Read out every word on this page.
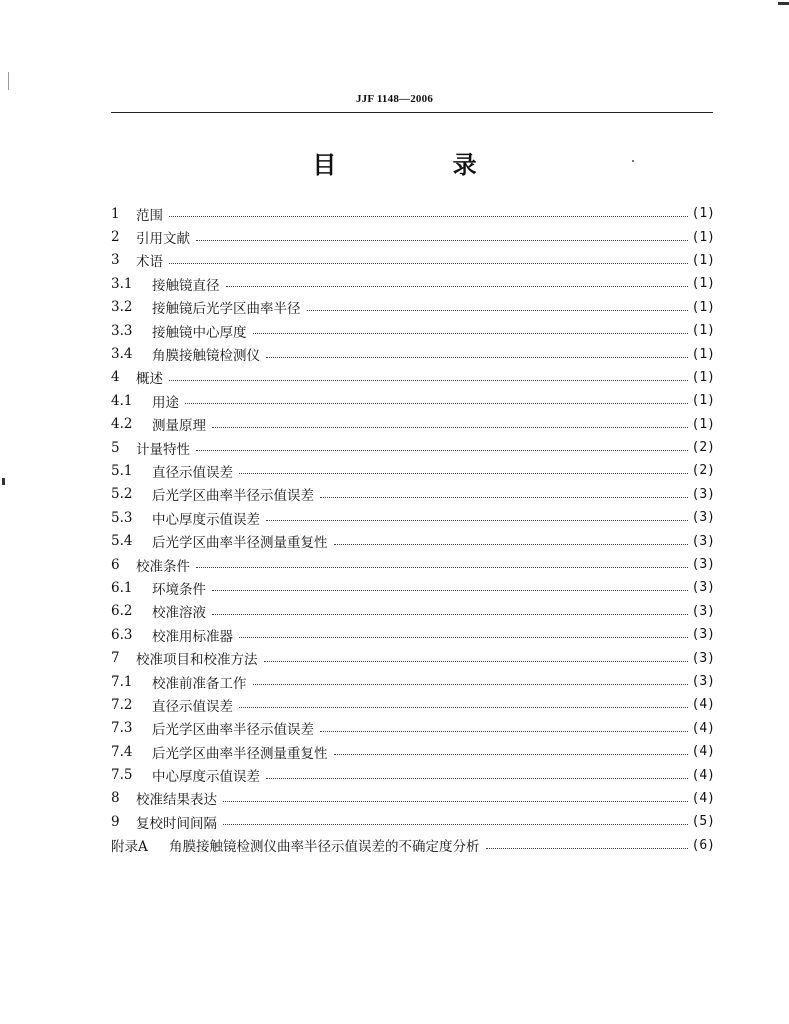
JJF 1148—2006
目 录
1	范围	(1)
2	引用文献	(1)
3	术语	(1)
3.1	接触镜直径	(1)
3.2	接触镜后光学区曲率半径	(1)
3.3	接触镜中心厚度	(1)
3.4	角膜接触镜检测仪	(1)
4	概述	(1)
4.1	用途	(1)
4.2	测量原理	(1)
5	计量特性	(2)
5.1	直径示值误差	(2)
5.2	后光学区曲率半径示值误差	(3)
5.3	中心厚度示值误差	(3)
5.4	后光学区曲率半径测量重复性	(3)
6	校准条件	(3)
6.1	环境条件	(3)
6.2	校准溶液	(3)
6.3	校准用标准器	(3)
7	校准项目和校准方法	(3)
7.1	校准前准备工作	(3)
7.2	直径示值误差	(4)
7.3	后光学区曲率半径示值误差	(4)
7.4	后光学区曲率半径测量重复性	(4)
7.5	中心厚度示值误差	(4)
8	校准结果表达	(4)
9	复校时间间隔	(5)
附录A	角膜接触镜检测仪曲率半径示值误差的不确定度分析	(6)
